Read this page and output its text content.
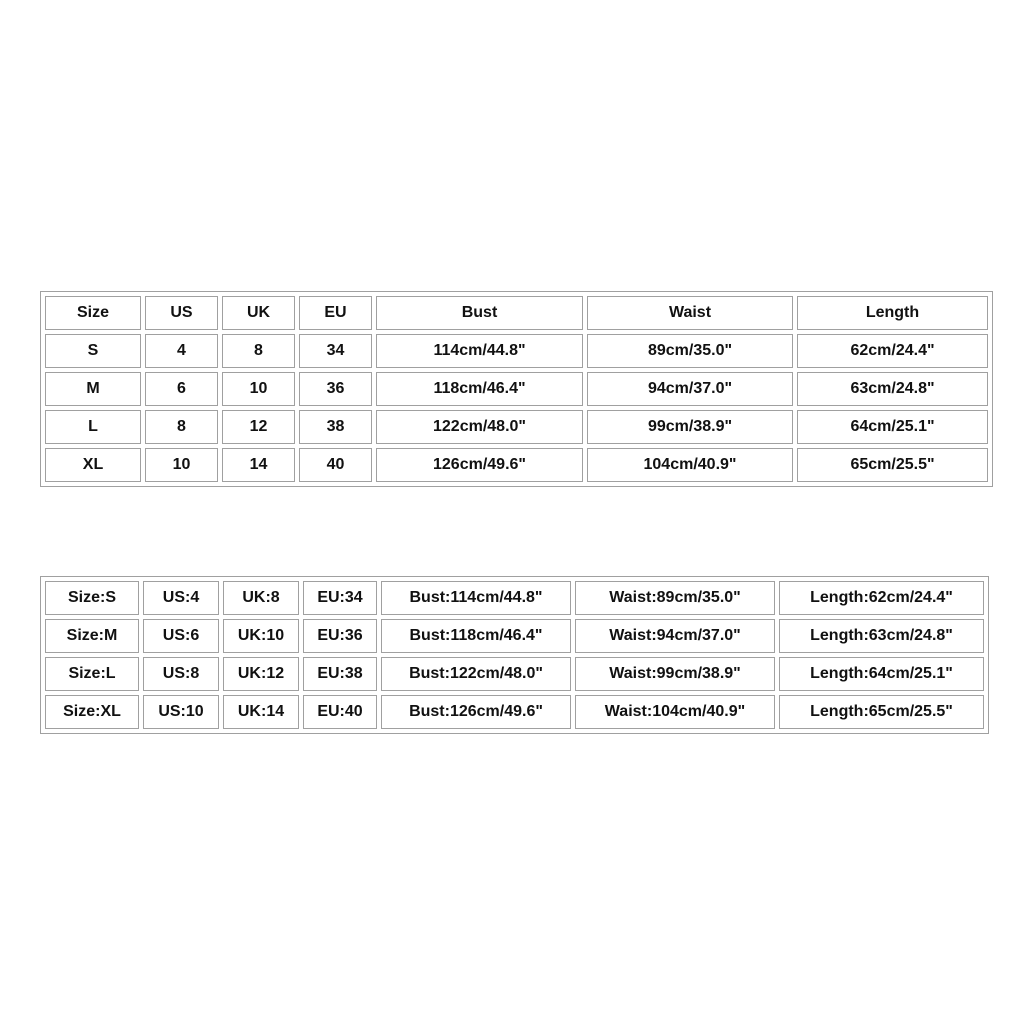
Size	US	UK	EU	Bust	Waist	Length
S	4	8	34	114cm/44.8"	89cm/35.0"	62cm/24.4"
M	6	10	36	118cm/46.4"	94cm/37.0"	63cm/24.8"
L	8	12	38	122cm/48.0"	99cm/38.9"	64cm/25.1"
XL	10	14	40	126cm/49.6"	104cm/40.9"	65cm/25.5"
Size:S	US:4	UK:8	EU:34	Bust:114cm/44.8"	Waist:89cm/35.0"	Length:62cm/24.4"
Size:M	US:6	UK:10	EU:36	Bust:118cm/46.4"	Waist:94cm/37.0"	Length:63cm/24.8"
Size:L	US:8	UK:12	EU:38	Bust:122cm/48.0"	Waist:99cm/38.9"	Length:64cm/25.1"
Size:XL	US:10	UK:14	EU:40	Bust:126cm/49.6"	Waist:104cm/40.9"	Length:65cm/25.5"
